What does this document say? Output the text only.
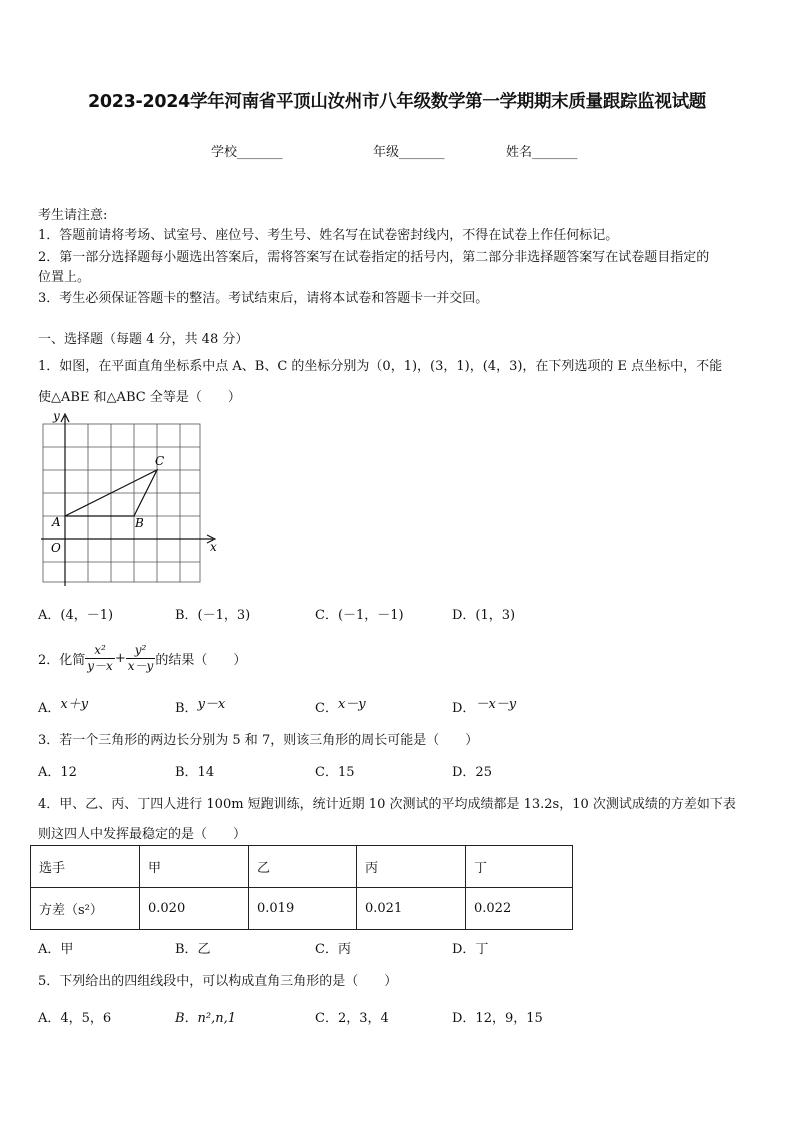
2023-2024学年河南省平顶山汝州市八年级数学第一学期期末质量跟踪监视试题
学校_______	年级_______	姓名_______
考生请注意:
1．答题前请将考场、试室号、座位号、考生号、姓名写在试卷密封线内，不得在试卷上作任何标记。
2．第一部分选择题每小题选出答案后，需将答案写在试卷指定的括号内，第二部分非选择题答案写在试卷题目指定的
位置上。
3．考生必须保证答题卡的整洁。考试结束后，请将本试卷和答题卡一并交回。
一、选择题（每题 4 分，共 48 分）
1．如图，在平面直角坐标系中点 A、B、C 的坐标分别为（0，1)，(3，1)，(4，3)，在下列选项的 E 点坐标中，不能
使△ABE 和△ABC 全等是（　　）
y
x
O
A	B
C
A．(4，－1)	B．(－1，3)	C．(－1，－1)	D．(1，3)
2．化简 $\frac{\text{x²}}{y-x} + \frac{\text{y²}}{x-y}$ 的结果（　　）
A．x＋y	B．y－x	C．x－y	D．－x－y
3．若一个三角形的两边长分别为 5 和 7，则该三角形的周长可能是（　　）
A．12	B．14	C．15	D．25
4．甲、乙、丙、丁四人进行 100m 短跑训练，统计近期 10 次测试的平均成绩都是 13.2s，10 次测试成绩的方差如下表
则这四人中发挥最稳定的是（　　）
选手	甲	乙	丙	丁
方差（s²）	0.020	0.019	0.021	0.022
A．甲	B．乙	C．丙	D．丁
5．下列给出的四组线段中，可以构成直角三角形的是（　　）
A．4，5，6	B．n²,n,1	C．2，3，4	D．12，9，15
